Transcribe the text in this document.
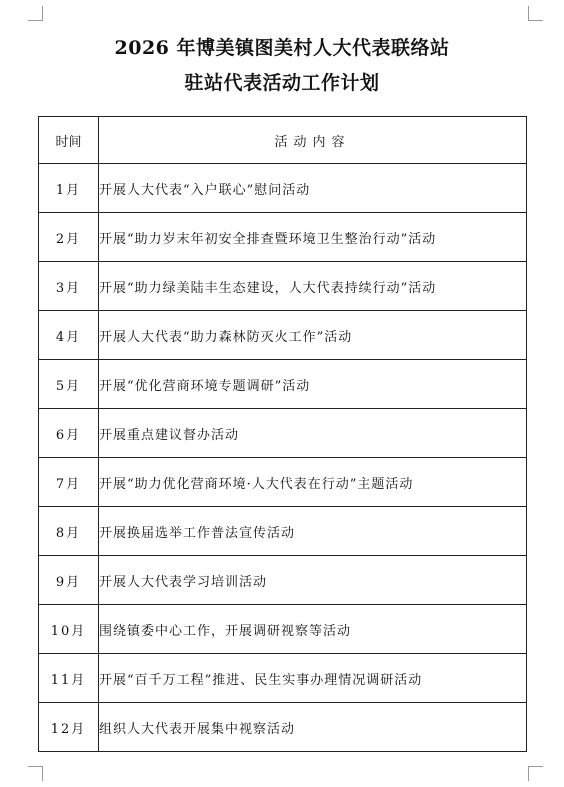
2026 年博美镇图美村人大代表联络站
驻站代表活动工作计划
时间	活动内容
1月	开展人大代表“入户联心”慰问活动
2月	开展“助力岁末年初安全排查暨环境卫生整治行动”活动
3月	开展“助力绿美陆丰生态建设，人大代表持续行动”活动
4月	开展人大代表“助力森林防灭火工作”活动
5月	开展“优化营商环境专题调研”活动
6月	开展重点建议督办活动
7月	开展“助力优化营商环境·人大代表在行动”主题活动
8月	开展换届选举工作普法宣传活动
9月	开展人大代表学习培训活动
10月	围绕镇委中心工作，开展调研视察等活动
11月	开展“百千万工程”推进、民生实事办理情况调研活动
12月	组织人大代表开展集中视察活动
